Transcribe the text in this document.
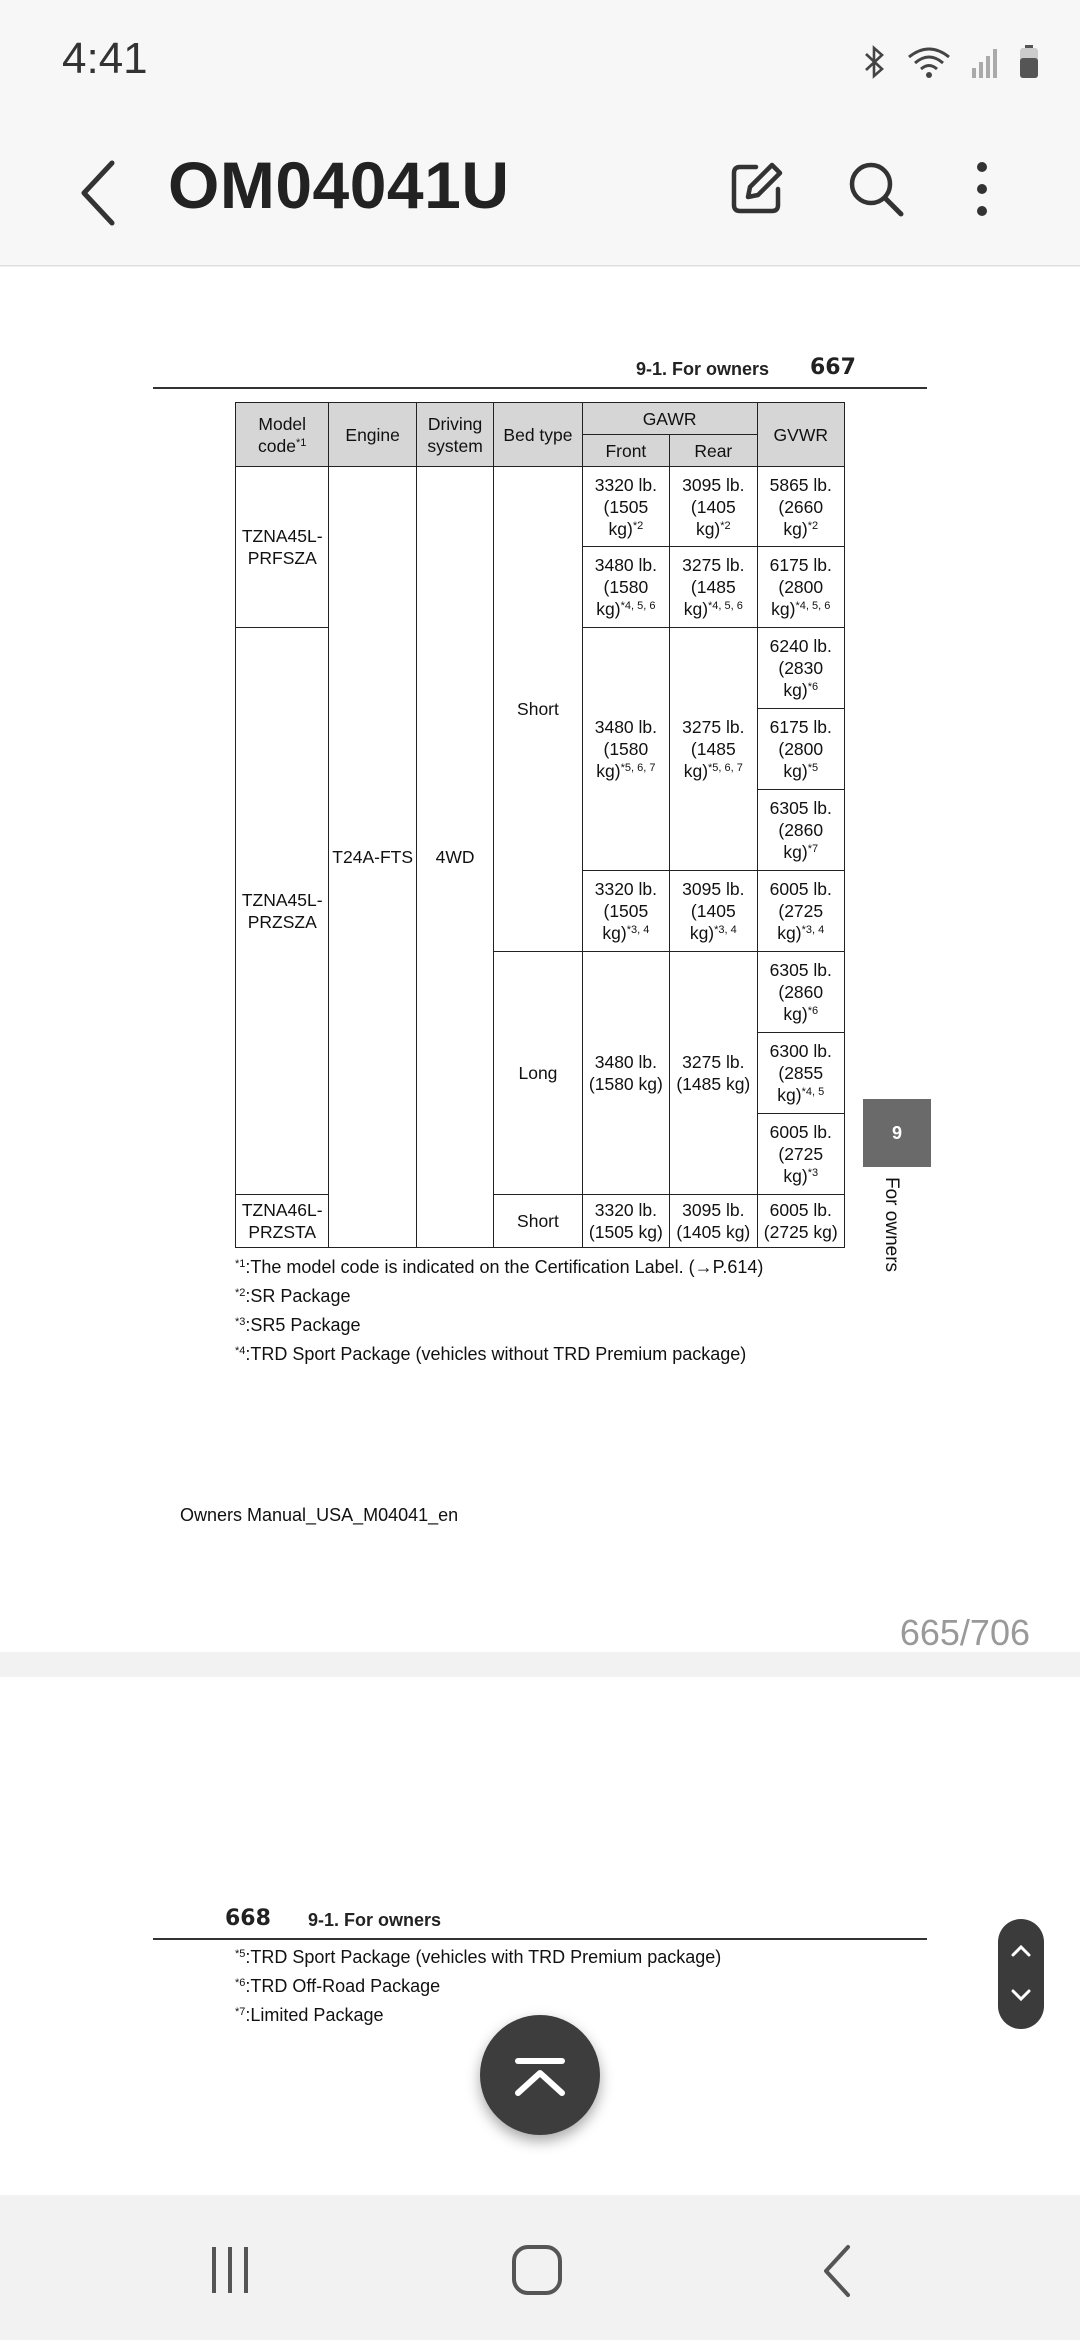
4:41
OM04041U
9-1. For owners 667
Model code$^{*1}$	Engine	Driving system	Bed type	GAWR		GVWR
				Front	Rear	
TZNA45L-PRFSZA	T24A-FTS	4WD	Short	3320 lb. (1505 kg)$^{*2}$	3095 lb. (1405 kg)$^{*2}$	5865 lb. (2660 kg)$^{*2}$
				3480 lb. (1580 kg)$^{*4, 5, 6}$	3275 lb. (1485 kg)$^{*4, 5, 6}$	6175 lb. (2800 kg)$^{*4, 5, 6}$
TZNA45L-PRZSZA				3480 lb. (1580 kg)$^{*5, 6, 7}$	3275 lb. (1485 kg)$^{*5, 6, 7}$	6240 lb. (2830 kg)$^{*6}$
						6175 lb. (2800 kg)$^{*5}$
						6305 lb. (2860 kg)$^{*7}$
				3320 lb. (1505 kg)$^{*3, 4}$	3095 lb. (1405 kg)$^{*3, 4}$	6005 lb. (2725 kg)$^{*3, 4}$
			Long	3480 lb. (1580 kg)	3275 lb. (1485 kg)	6305 lb. (2860 kg)$^{*6}$
						6300 lb. (2855 kg)$^{*4, 5}$
						6005 lb. (2725 kg)$^{*3}$
TZNA46L-PRZSTA			Short	3320 lb. (1505 kg)	3095 lb. (1405 kg)	6005 lb. (2725 kg)
$^{*1}$:The model code is indicated on the Certification Label. (→P.614)
$^{*2}$:SR Package
$^{*3}$:SR5 Package
$^{*4}$:TRD Sport Package (vehicles without TRD Premium package)
Owners Manual_USA_M04041_en
9
For owners
665/706
668 9-1. For owners
$^{*5}$:TRD Sport Package (vehicles with TRD Premium package)
$^{*6}$:TRD Off-Road Package
$^{*7}$:Limited Package
